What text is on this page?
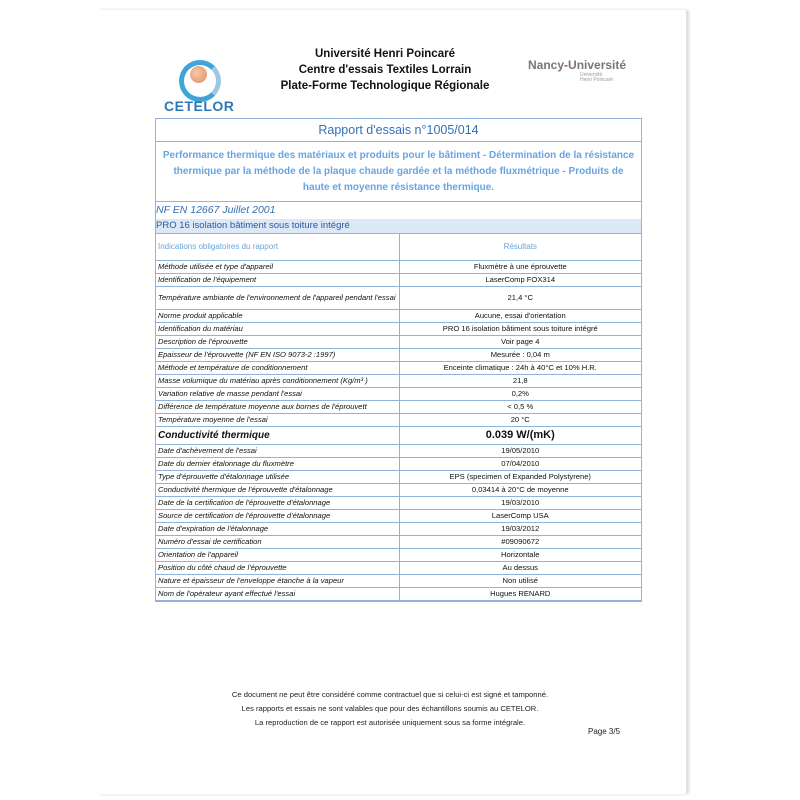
CETELOR
Université Henri Poincaré
Centre d'essais Textiles Lorrain
Plate-Forme Technologique Régionale
Nancy-Université
Université
Henri Poincaré
Rapport d'essais n°1005/014
Performance thermique des matériaux et produits pour le bâtiment - Détermination de la résistance thermique par la méthode de la plaque chaude gardée et la méthode fluxmétrique - Produits de haute et moyenne résistance thermique.
NF EN 12667 Juillet 2001
PRO 16 isolation bâtiment sous toiture intégré
Indications obligatoires du rapport	Résultats
Méthode utilisée et type d'appareil	Fluxmètre à une éprouvette
Identification de l'équipement	LaserComp FOX314
Température ambiante de l'environnement de l'appareil pendant l'essai	21,4 °C
Norme produit applicable	Aucune, essai d'orientation
Identification du matériau	PRO 16 isolation bâtiment sous toiture intégré
Description de l'éprouvette	Voir page 4
Epaisseur de l'éprouvette (NF EN ISO 9073-2 :1997)	Mesurée : 0,04 m
Méthode et température de conditionnement	Enceinte climatique : 24h à 40°C et 10% H.R.
Masse volumique du matériau après conditionnement (Kg/m³ )	21,8
Variation relative de masse pendant l'essai	0,2%
Différence de température moyenne aux bornes de l'éprouvett	< 0,5 %
Température moyenne de l'essai	20 °C
Conductivité thermique	0.039 W/(mK)
Date d'achèvement de l'essai	19/05/2010
Date du dernier étalonnage du fluxmètre	07/04/2010
Type d'éprouvette d'étalonnage utilisée	EPS (specimen of Expanded Polystyrene)
Conductivité thermique de l'éprouvette d'étalonnage	0,03414 à 20°C de moyenne
Date de la certification de l'éprouvette d'étalonnage	19/03/2010
Source de certification de l'éprouvette d'étalonnage	LaserComp USA
Date d'expiration de l'étalonnage	19/03/2012
Numéro d'essai de certification	#09090672
Orientation de l'appareil	Horizontale
Position du côté chaud de l'éprouvette	Au dessus
Nature et épaisseur de l'enveloppe étanche à la vapeur	Non utilisé
Nom de l'opérateur ayant effectué l'essai	Hugues RENARD
Ce document ne peut être considéré comme contractuel que si celui-ci est signé et tamponné.
Les rapports et essais ne sont valables que pour des échantillons soumis au CETELOR.
La reproduction de ce rapport est autorisée uniquement sous sa forme intégrale.
Page 3/5
